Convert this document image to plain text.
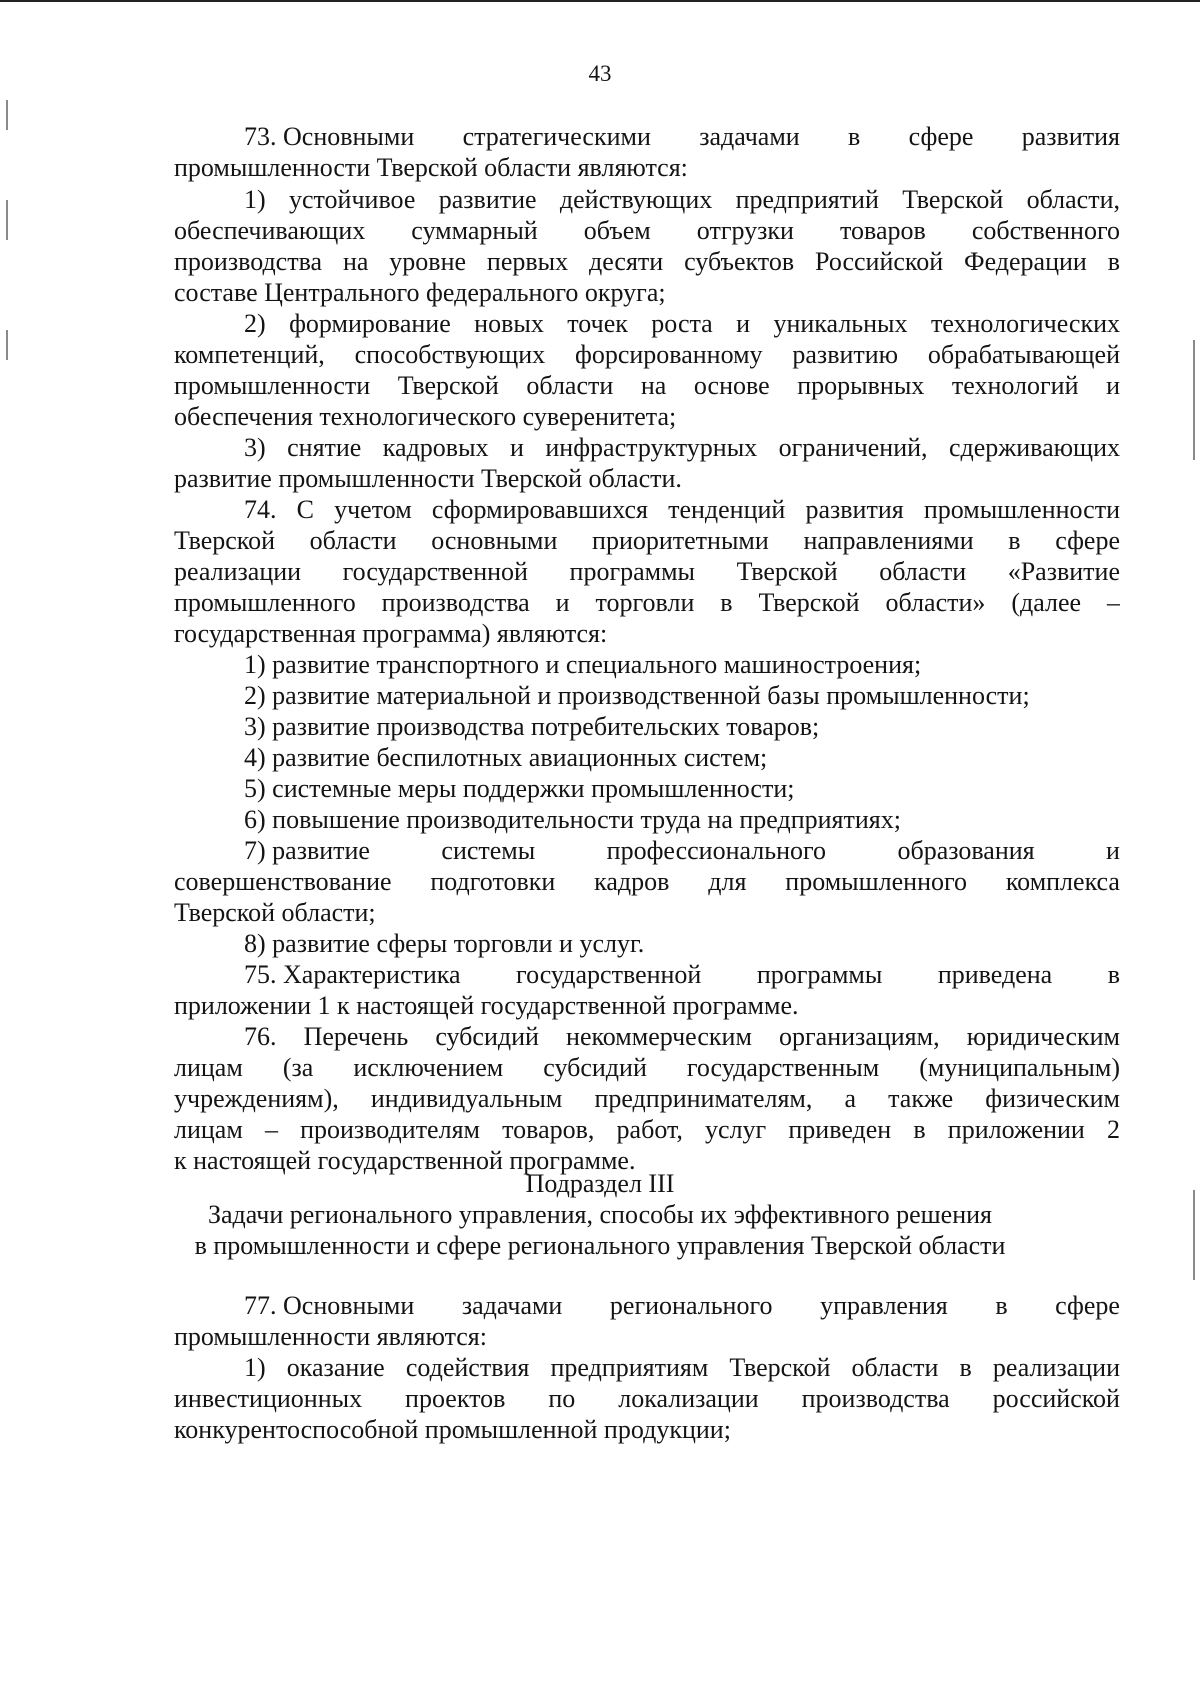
43
Подраздел III
Задачи регионального управления, способы их эффективного решения
в промышленности и сфере регионального управления Тверской области
73. Основными стратегическими задачами в сфере развития
промышленности Тверской области являются:
1) устойчивое развитие действующих предприятий Тверской области,
обеспечивающих суммарный объем отгрузки товаров собственного
производства на уровне первых десяти субъектов Российской Федерации в
составе Центрального федерального округа;
2) формирование новых точек роста и уникальных технологических
компетенций, способствующих форсированному развитию обрабатывающей
промышленности Тверской области на основе прорывных технологий и
обеспечения технологического суверенитета;
3) снятие кадровых и инфраструктурных ограничений, сдерживающих
развитие промышленности Тверской области.
74. С учетом сформировавшихся тенденций развития промышленности
Тверской области основными приоритетными направлениями в сфере
реализации государственной программы Тверской области «Развитие
промышленного производства и торговли в Тверской области» (далее –
государственная программа) являются:
1) развитие транспортного и специального машиностроения;
2) развитие материальной и производственной базы промышленности;
3) развитие производства потребительских товаров;
4) развитие беспилотных авиационных систем;
5) системные меры поддержки промышленности;
6) повышение производительности труда на предприятиях;
7) развитие	системы	профессионального	образования	и
совершенствование подготовки кадров для промышленного комплекса
Тверской области;
8) развитие сферы торговли и услуг.
75. Характеристика государственной программы приведена в
приложении 1 к настоящей государственной программе.
76. Перечень субсидий некоммерческим организациям, юридическим
лицам (за исключением субсидий государственным (муниципальным)
учреждениям), индивидуальным предпринимателям, а также физическим
лицам – производителям товаров, работ, услуг приведен в приложении 2
к настоящей государственной программе.
77. Основными задачами регионального управления в сфере
промышленности являются:
1) оказание содействия предприятиям Тверской области в реализации
инвестиционных проектов по локализации производства российской
конкурентоспособной промышленной продукции;
